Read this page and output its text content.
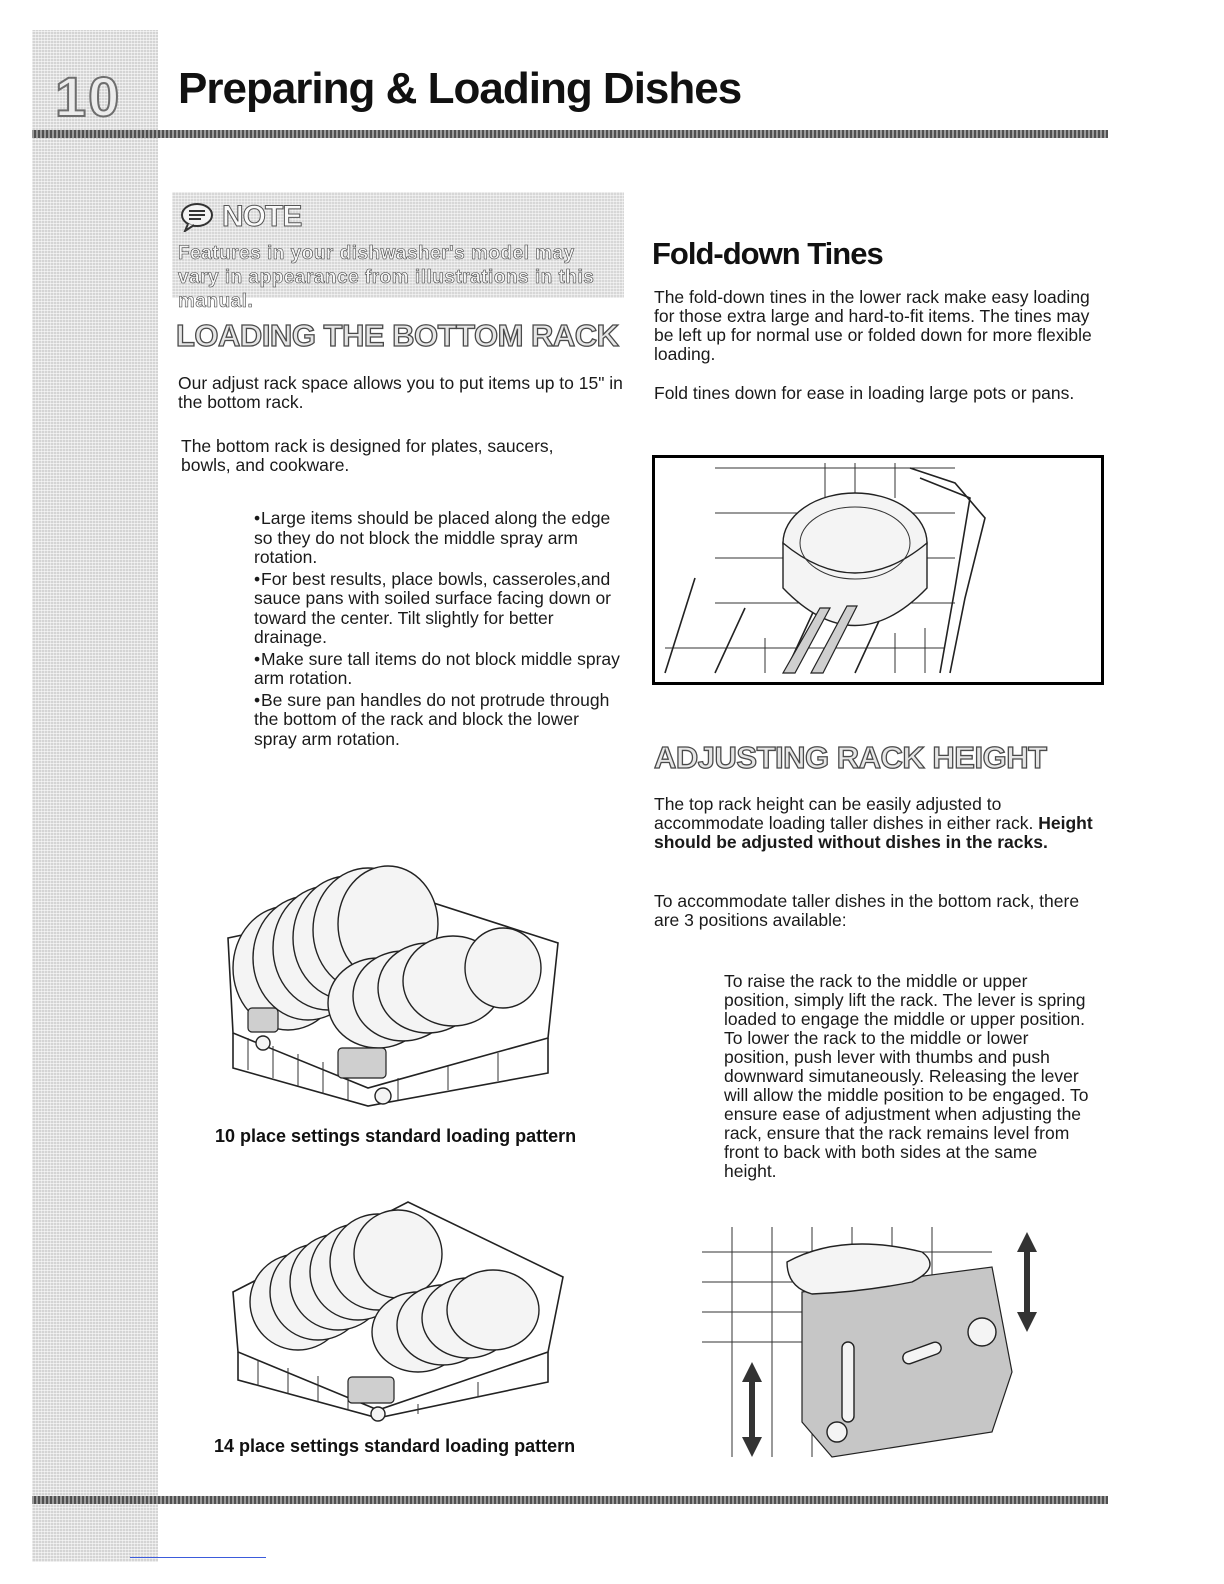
10 Preparing & Loading Dishes
NOTE
Features in your dishwasher's model may vary in appearance from illustrations in this manual.
LOADING THE BOTTOM RACK

Our adjust rack space allows you to put items up to 15" in the bottom rack.

The bottom rack is designed for plates, saucers, bowls, and cookware.

•Large items should be placed along the edge so they do not block the middle spray arm rotation.
•For best results, place bowls, casseroles,and sauce pans with soiled surface facing down or toward the center. Tilt slightly for better drainage.
•Make sure tall items do not block middle spray arm rotation.
•Be sure pan handles do not protrude through the bottom of the rack and block the lower spray arm rotation.

10 place settings standard loading pattern

14 place settings standard loading pattern

Fold-down Tines

The fold-down tines in the lower rack make easy loading for those extra large and hard-to-fit items. The tines may be left up for normal use or folded down for more flexible loading.

Fold tines down for ease in loading large pots or pans.

ADJUSTING RACK HEIGHT

The top rack height can be easily adjusted to accommodate loading taller dishes in either rack. Height should be adjusted without dishes in the racks.

To accommodate taller dishes in the bottom rack, there are 3 positions available:

To raise the rack to the middle or upper position, simply lift the rack. The lever is spring loaded to engage the middle or upper position. To lower the rack to the middle or lower position, push lever with thumbs and push downward simutaneously. Releasing the lever will allow the middle position to be engaged. To ensure ease of adjustment when adjusting the rack, ensure that the rack remains level from front to back with both sides at the same height.
